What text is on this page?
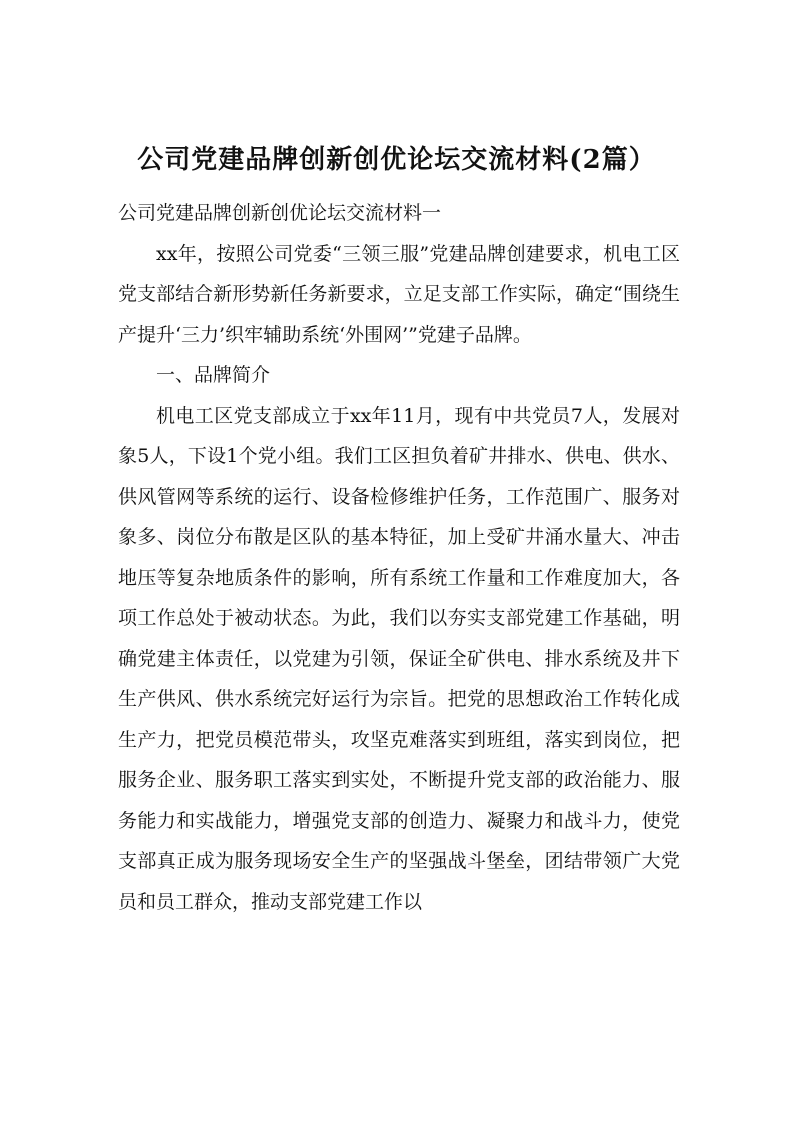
公司党建品牌创新创优论坛交流材料(2篇）

公司党建品牌创新创优论坛交流材料一

xx年，按照公司党委“三领三服”党建品牌创建要求，机电工区党支部结合新形势新任务新要求，立足支部工作实际，确定“围绕生产提升‘三力’织牢辅助系统‘外围网’”党建子品牌。

一、品牌简介

机电工区党支部成立于xx年11月，现有中共党员7人，发展对象5人，下设1个党小组。我们工区担负着矿井排水、供电、供水、供风管网等系统的运行、设备检修维护任务，工作范围广、服务对象多、岗位分布散是区队的基本特征，加上受矿井涌水量大、冲击地压等复杂地质条件的影响，所有系统工作量和工作难度加大，各项工作总处于被动状态。为此，我们以夯实支部党建工作基础，明确党建主体责任，以党建为引领，保证全矿供电、排水系统及井下生产供风、供水系统完好运行为宗旨。把党的思想政治工作转化成生产力，把党员模范带头，攻坚克难落实到班组，落实到岗位，把服务企业、服务职工落实到实处，不断提升党支部的政治能力、服务能力和实战能力，增强党支部的创造力、凝聚力和战斗力，使党支部真正成为服务现场安全生产的坚强战斗堡垒，团结带领广大党员和员工群众，推动支部党建工作以
